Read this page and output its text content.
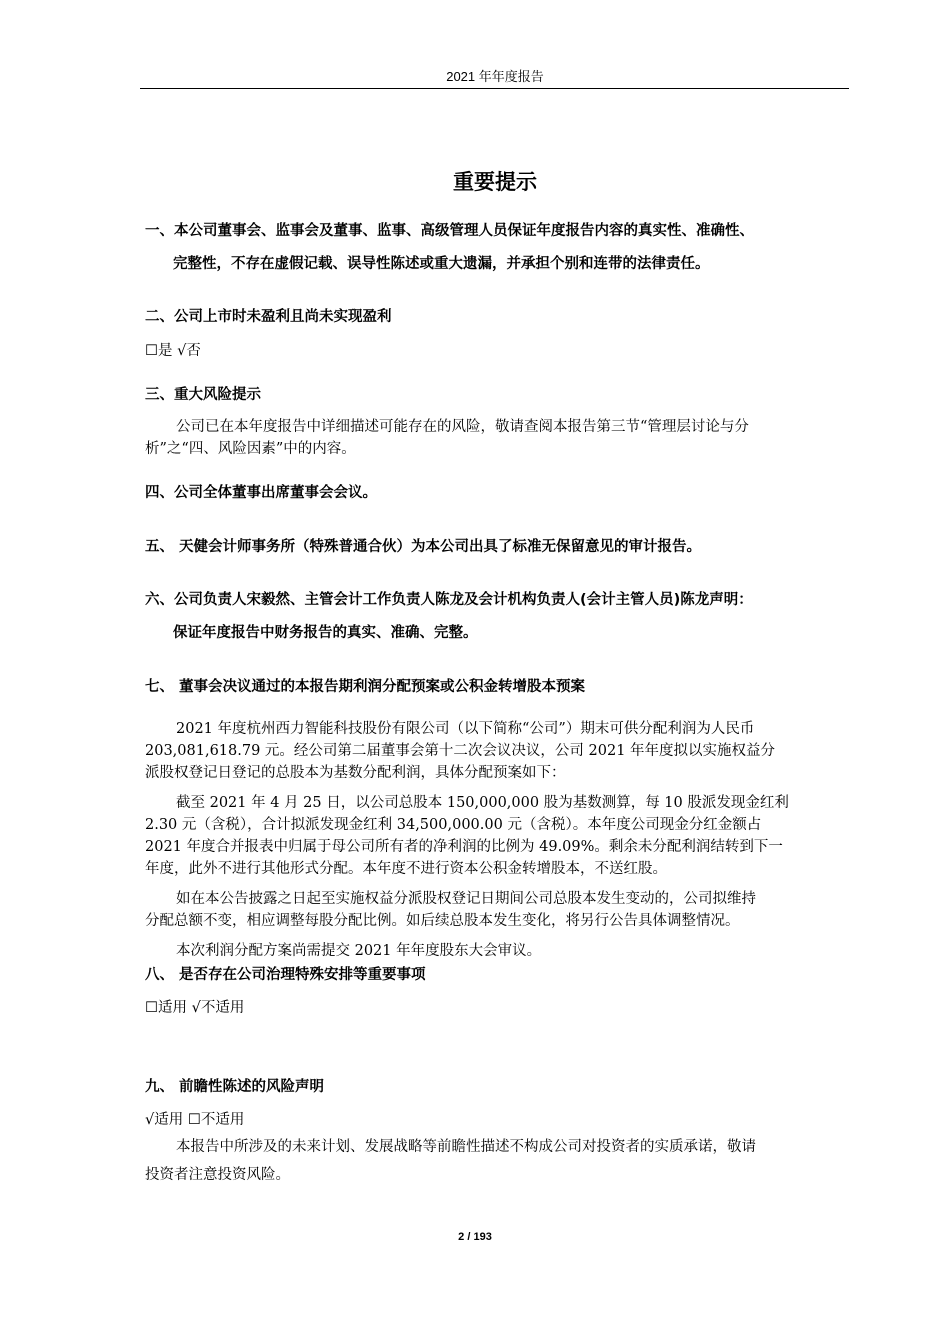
2021 年年度报告
重要提示
一、本公司董事会、监事会及董事、监事、高级管理人员保证年度报告内容的真实性、准确性、
完整性，不存在虚假记载、误导性陈述或重大遗漏，并承担个别和连带的法律责任。
二、公司上市时未盈利且尚未实现盈利
☐是 √否
三、重大风险提示
公司已在本年度报告中详细描述可能存在的风险，敬请查阅本报告第三节“管理层讨论与分
析”之“四、风险因素”中的内容。
四、公司全体董事出席董事会会议。
五、 天健会计师事务所（特殊普通合伙）为本公司出具了标准无保留意见的审计报告。
六、公司负责人宋毅然、主管会计工作负责人陈龙及会计机构负责人(会计主管人员)陈龙声明：
保证年度报告中财务报告的真实、准确、完整。
七、 董事会决议通过的本报告期利润分配预案或公积金转增股本预案
2021 年度杭州西力智能科技股份有限公司（以下简称“公司”）期末可供分配利润为人民币
203,081,618.79 元。经公司第二届董事会第十二次会议决议，公司 2021 年年度拟以实施权益分
派股权登记日登记的总股本为基数分配利润，具体分配预案如下：
截至 2021 年 4 月 25 日，以公司总股本 150,000,000 股为基数测算，每 10 股派发现金红利
2.30 元（含税），合计拟派发现金红利 34,500,000.00 元（含税）。本年度公司现金分红金额占
2021 年度合并报表中归属于母公司所有者的净利润的比例为 49.09%。剩余未分配利润结转到下一
年度，此外不进行其他形式分配。本年度不进行资本公积金转增股本，不送红股。
如在本公告披露之日起至实施权益分派股权登记日期间公司总股本发生变动的，公司拟维持
分配总额不变，相应调整每股分配比例。如后续总股本发生变化，将另行公告具体调整情况。
本次利润分配方案尚需提交 2021 年年度股东大会审议。
八、 是否存在公司治理特殊安排等重要事项
☐适用 √不适用
九、 前瞻性陈述的风险声明
√适用 ☐不适用
本报告中所涉及的未来计划、发展战略等前瞻性描述不构成公司对投资者的实质承诺，敬请
投资者注意投资风险。
2 / 193
